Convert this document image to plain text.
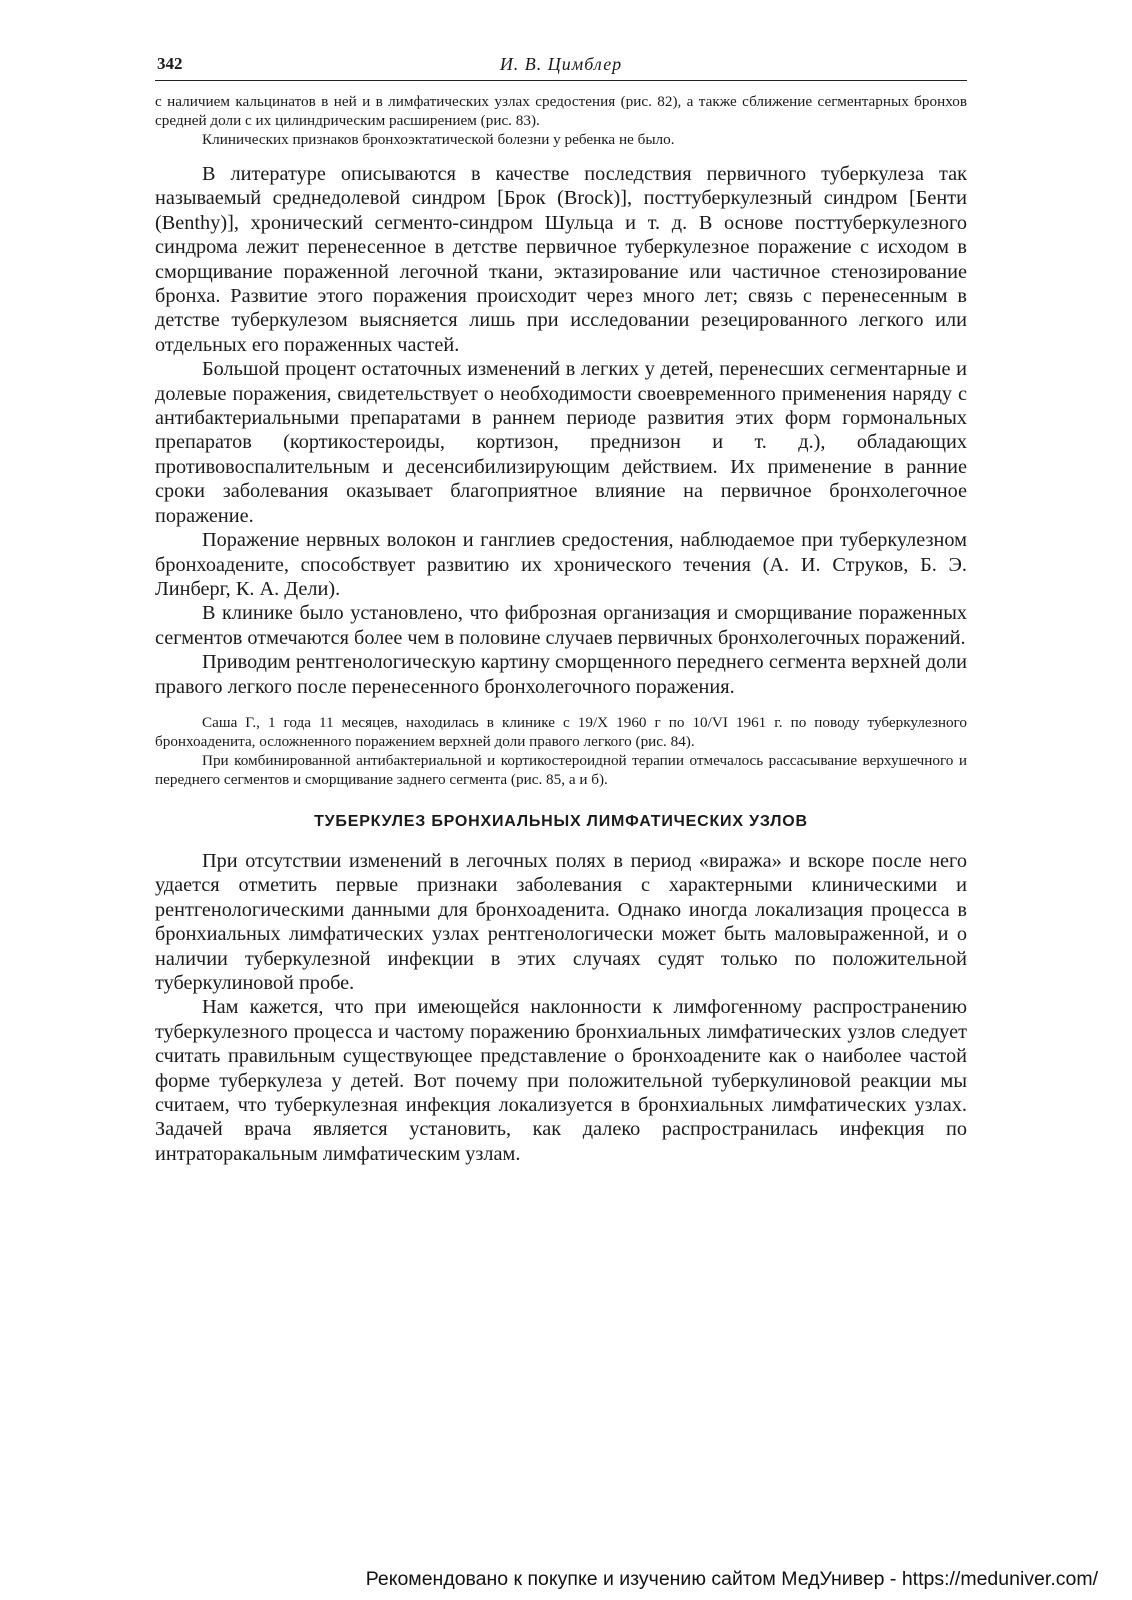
342	И. В. Цимблер

с наличием кальцинатов в ней и в лимфатических узлах средостения (рис. 82), а также сближение сегментарных бронхов средней доли с их цилиндрическим расширением (рис. 83).

Клинических признаков бронхоэктатической болезни у ребенка не было.

В литературе описываются в качестве последствия первичного туберкулеза так называемый среднедолевой синдром [Брок (Brock)], посттуберкулезный синдром [Бенти (Benthy)], хронический сегменто-синдром Шульца и т. д. В основе посттуберкулезного синдрома лежит перенесенное в детстве первичное туберкулезное поражение с исходом в сморщивание пораженной легочной ткани, эктазирование или частичное стенозирование бронха. Развитие этого поражения происходит через много лет; связь с перенесенным в детстве туберкулезом выясняется лишь при исследовании резецированного легкого или отдельных его пораженных частей.

Большой процент остаточных изменений в легких у детей, перенесших сегментарные и долевые поражения, свидетельствует о необходимости своевременного применения наряду с антибактериальными препаратами в раннем периоде развития этих форм гормональных препаратов (кортикостероиды, кортизон, преднизон и т. д.), обладающих противовоспалительным и десенсибилизирующим действием. Их применение в ранние сроки заболевания оказывает благоприятное влияние на первичное бронхолегочное поражение.

Поражение нервных волокон и ганглиев средостения, наблюдаемое при туберкулезном бронхоадените, способствует развитию их хронического течения (А. И. Струков, Б. Э. Линберг, К. А. Дели).

В клинике было установлено, что фиброзная организация и сморщивание пораженных сегментов отмечаются более чем в половине случаев первичных бронхолегочных поражений.

Приводим рентгенологическую картину сморщенного переднего сегмента верхней доли правого легкого после перенесенного бронхолегочного поражения.

Саша Г., 1 года 11 месяцев, находилась в клинике с 19/X 1960 г по 10/VI 1961 г. по поводу туберкулезного бронхоаденита, осложненного поражением верхней доли правого легкого (рис. 84).

При комбинированной антибактериальной и кортикостероидной терапии отмечалось рассасывание верхушечного и переднего сегментов и сморщивание заднего сегмента (рис. 85, а и б).

ТУБЕРКУЛЕЗ БРОНХИАЛЬНЫХ ЛИМФАТИЧЕСКИХ УЗЛОВ

При отсутствии изменений в легочных полях в период «виража» и вскоре после него удается отметить первые признаки заболевания с характерными клиническими и рентгенологическими данными для бронхоаденита. Однако иногда локализация процесса в бронхиальных лимфатических узлах рентгенологически может быть маловыраженной, и о наличии туберкулезной инфекции в этих случаях судят только по положительной туберкулиновой пробе.

Нам кажется, что при имеющейся наклонности к лимфогенному распространению туберкулезного процесса и частому поражению бронхиальных лимфатических узлов следует считать правильным существующее представление о бронхоадените как о наиболее частой форме туберкулеза у детей. Вот почему при положительной туберкулиновой реакции мы считаем, что туберкулезная инфекция локализуется в бронхиальных лимфатических узлах. Задачей врача является установить, как далеко распространилась инфекция по интраторакальным лимфатическим узлам.

Рекомендовано к покупке и изучению сайтом МедУнивер - https://meduniver.com/
